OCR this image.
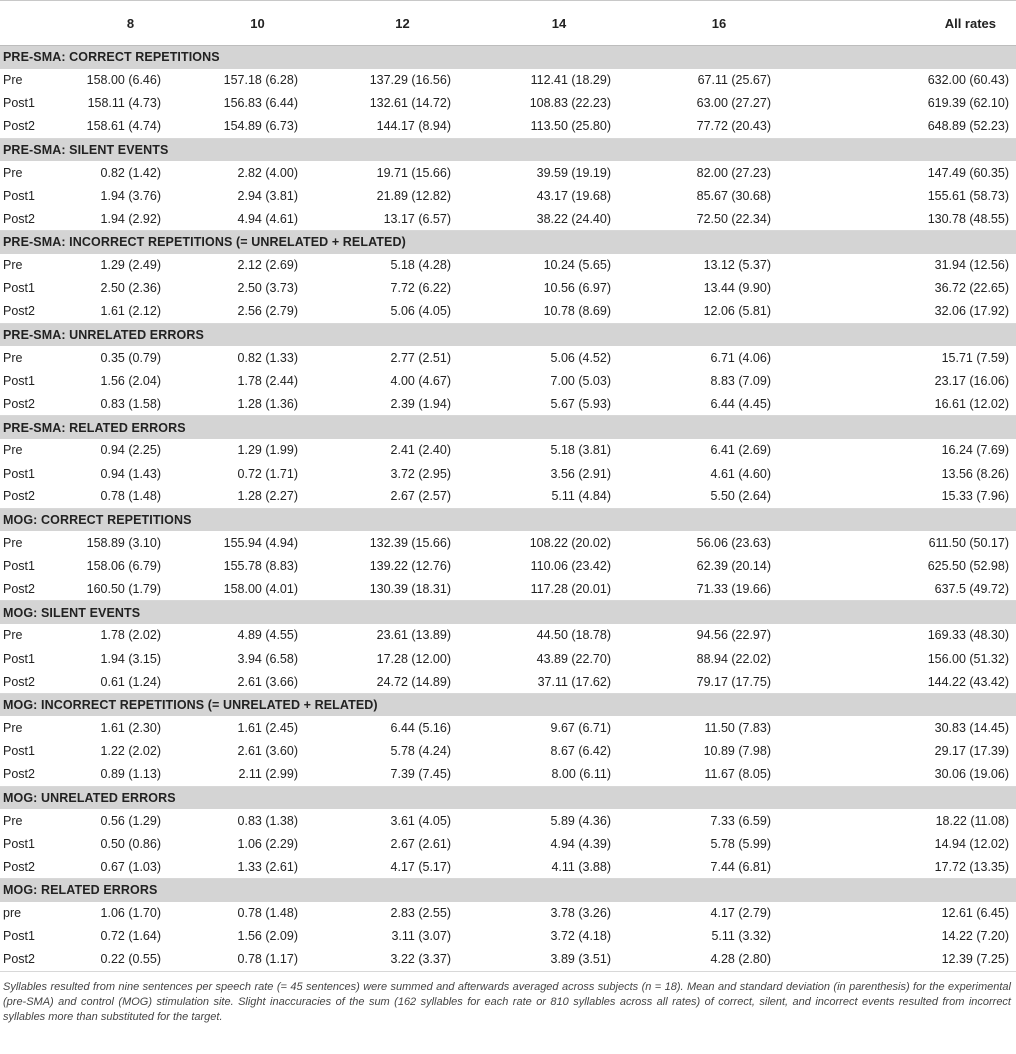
	8	10	12	14	16	All rates
PRE-SMA: CORRECT REPETITIONS						
Pre	158.00 (6.46)	157.18 (6.28)	137.29 (16.56)	112.41 (18.29)	67.11 (25.67)	632.00 (60.43)
Post1	158.11 (4.73)	156.83 (6.44)	132.61 (14.72)	108.83 (22.23)	63.00 (27.27)	619.39 (62.10)
Post2	158.61 (4.74)	154.89 (6.73)	144.17 (8.94)	113.50 (25.80)	77.72 (20.43)	648.89 (52.23)
PRE-SMA: SILENT EVENTS						
Pre	0.82 (1.42)	2.82 (4.00)	19.71 (15.66)	39.59 (19.19)	82.00 (27.23)	147.49 (60.35)
Post1	1.94 (3.76)	2.94 (3.81)	21.89 (12.82)	43.17 (19.68)	85.67 (30.68)	155.61 (58.73)
Post2	1.94 (2.92)	4.94 (4.61)	13.17 (6.57)	38.22 (24.40)	72.50 (22.34)	130.78 (48.55)
PRE-SMA: INCORRECT REPETITIONS (= UNRELATED + RELATED)						
Pre	1.29 (2.49)	2.12 (2.69)	5.18 (4.28)	10.24 (5.65)	13.12 (5.37)	31.94 (12.56)
Post1	2.50 (2.36)	2.50 (3.73)	7.72 (6.22)	10.56 (6.97)	13.44 (9.90)	36.72 (22.65)
Post2	1.61 (2.12)	2.56 (2.79)	5.06 (4.05)	10.78 (8.69)	12.06 (5.81)	32.06 (17.92)
PRE-SMA: UNRELATED ERRORS						
Pre	0.35 (0.79)	0.82 (1.33)	2.77 (2.51)	5.06 (4.52)	6.71 (4.06)	15.71 (7.59)
Post1	1.56 (2.04)	1.78 (2.44)	4.00 (4.67)	7.00 (5.03)	8.83 (7.09)	23.17 (16.06)
Post2	0.83 (1.58)	1.28 (1.36)	2.39 (1.94)	5.67 (5.93)	6.44 (4.45)	16.61 (12.02)
PRE-SMA: RELATED ERRORS						
Pre	0.94 (2.25)	1.29 (1.99)	2.41 (2.40)	5.18 (3.81)	6.41 (2.69)	16.24 (7.69)
Post1	0.94 (1.43)	0.72 (1.71)	3.72 (2.95)	3.56 (2.91)	4.61 (4.60)	13.56 (8.26)
Post2	0.78 (1.48)	1.28 (2.27)	2.67 (2.57)	5.11 (4.84)	5.50 (2.64)	15.33 (7.96)
MOG: CORRECT REPETITIONS						
Pre	158.89 (3.10)	155.94 (4.94)	132.39 (15.66)	108.22 (20.02)	56.06 (23.63)	611.50 (50.17)
Post1	158.06 (6.79)	155.78 (8.83)	139.22 (12.76)	110.06 (23.42)	62.39 (20.14)	625.50 (52.98)
Post2	160.50 (1.79)	158.00 (4.01)	130.39 (18.31)	117.28 (20.01)	71.33 (19.66)	637.5 (49.72)
MOG: SILENT EVENTS						
Pre	1.78 (2.02)	4.89 (4.55)	23.61 (13.89)	44.50 (18.78)	94.56 (22.97)	169.33 (48.30)
Post1	1.94 (3.15)	3.94 (6.58)	17.28 (12.00)	43.89 (22.70)	88.94 (22.02)	156.00 (51.32)
Post2	0.61 (1.24)	2.61 (3.66)	24.72 (14.89)	37.11 (17.62)	79.17 (17.75)	144.22 (43.42)
MOG: INCORRECT REPETITIONS (= UNRELATED + RELATED)						
Pre	1.61 (2.30)	1.61 (2.45)	6.44 (5.16)	9.67 (6.71)	11.50 (7.83)	30.83 (14.45)
Post1	1.22 (2.02)	2.61 (3.60)	5.78 (4.24)	8.67 (6.42)	10.89 (7.98)	29.17 (17.39)
Post2	0.89 (1.13)	2.11 (2.99)	7.39 (7.45)	8.00 (6.11)	11.67 (8.05)	30.06 (19.06)
MOG: UNRELATED ERRORS						
Pre	0.56 (1.29)	0.83 (1.38)	3.61 (4.05)	5.89 (4.36)	7.33 (6.59)	18.22 (11.08)
Post1	0.50 (0.86)	1.06 (2.29)	2.67 (2.61)	4.94 (4.39)	5.78 (5.99)	14.94 (12.02)
Post2	0.67 (1.03)	1.33 (2.61)	4.17 (5.17)	4.11 (3.88)	7.44 (6.81)	17.72 (13.35)
MOG: RELATED ERRORS						
pre	1.06 (1.70)	0.78 (1.48)	2.83 (2.55)	3.78 (3.26)	4.17 (2.79)	12.61 (6.45)
Post1	0.72 (1.64)	1.56 (2.09)	3.11 (3.07)	3.72 (4.18)	5.11 (3.32)	14.22 (7.20)
Post2	0.22 (0.55)	0.78 (1.17)	3.22 (3.37)	3.89 (3.51)	4.28 (2.80)	12.39 (7.25)
Syllables resulted from nine sentences per speech rate (= 45 sentences) were summed and afterwards averaged across subjects (n = 18). Mean and standard deviation (in parenthesis) for the experimental (pre-SMA) and control (MOG) stimulation site. Slight inaccuracies of the sum (162 syllables for each rate or 810 syllables across all rates) of correct, silent, and incorrect events resulted from incorrect syllables more than substituted for the target.
